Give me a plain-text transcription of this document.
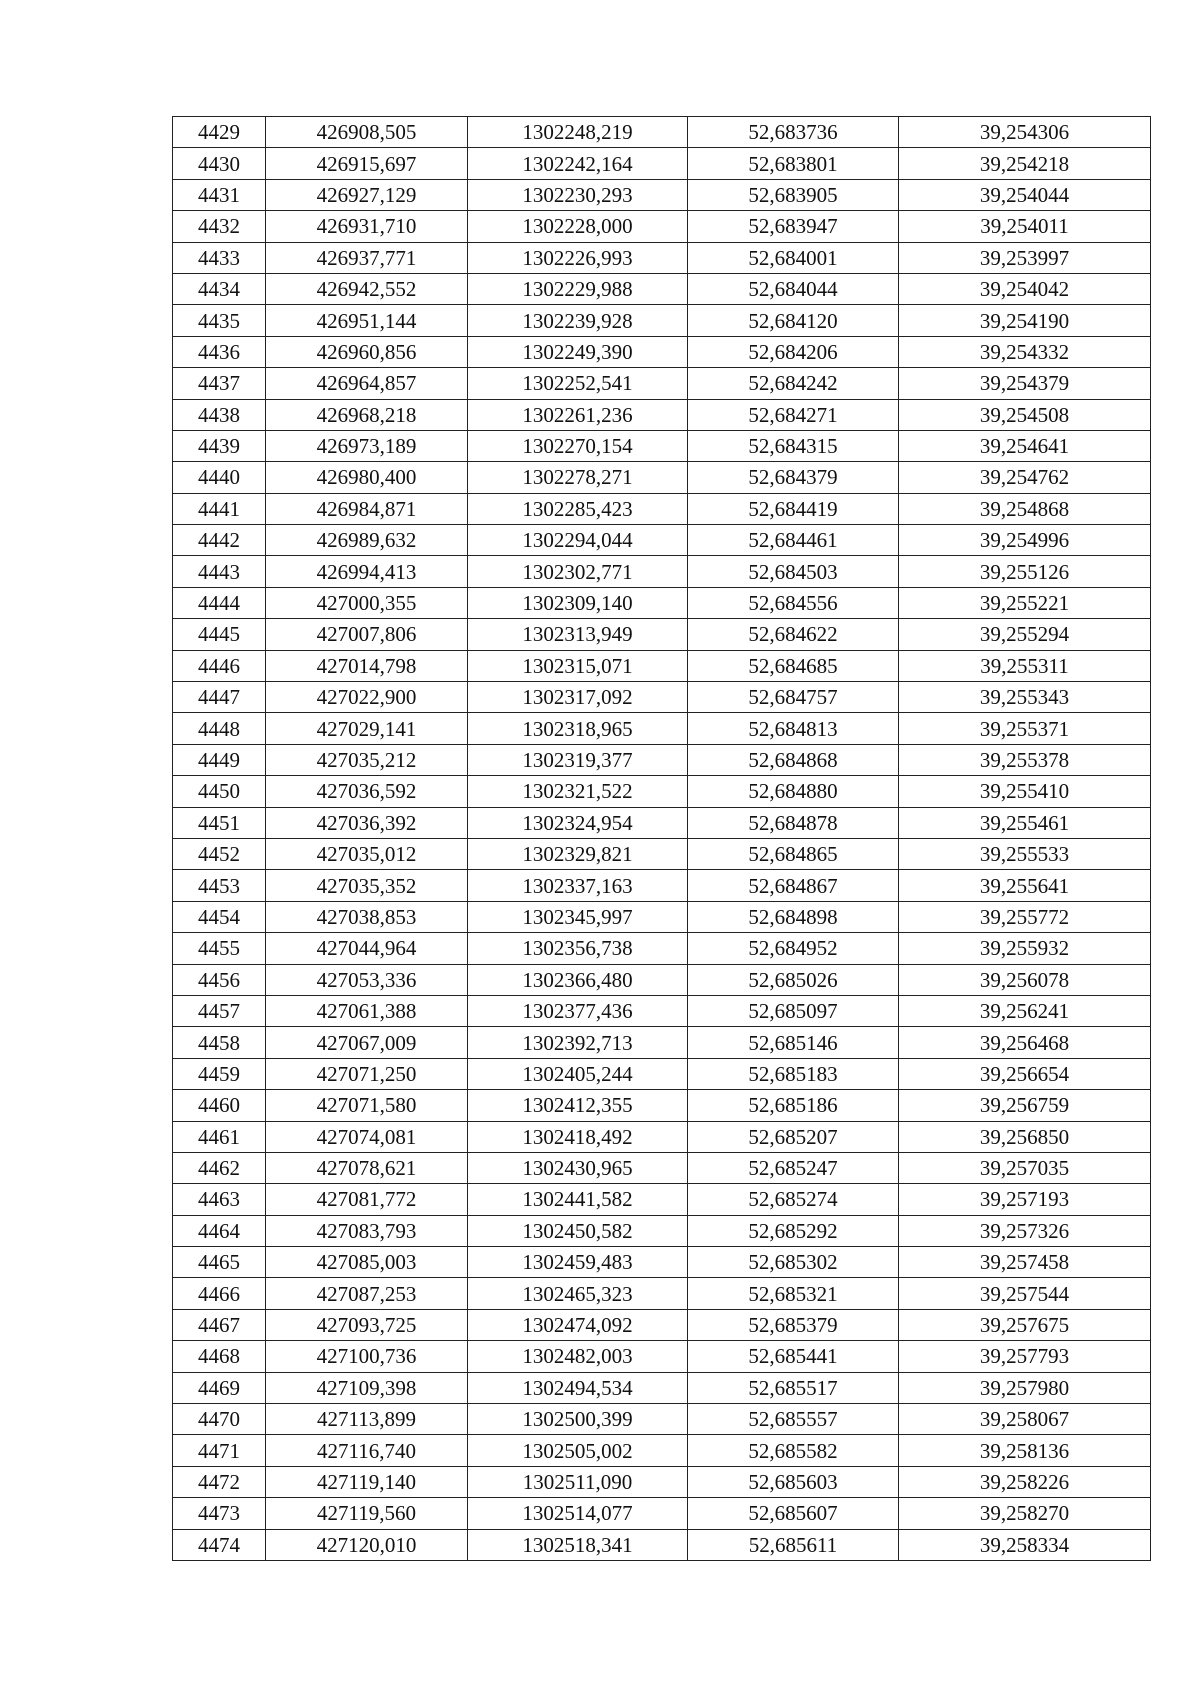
4429	426908,505	1302248,219	52,683736	39,254306
4430	426915,697	1302242,164	52,683801	39,254218
4431	426927,129	1302230,293	52,683905	39,254044
4432	426931,710	1302228,000	52,683947	39,254011
4433	426937,771	1302226,993	52,684001	39,253997
4434	426942,552	1302229,988	52,684044	39,254042
4435	426951,144	1302239,928	52,684120	39,254190
4436	426960,856	1302249,390	52,684206	39,254332
4437	426964,857	1302252,541	52,684242	39,254379
4438	426968,218	1302261,236	52,684271	39,254508
4439	426973,189	1302270,154	52,684315	39,254641
4440	426980,400	1302278,271	52,684379	39,254762
4441	426984,871	1302285,423	52,684419	39,254868
4442	426989,632	1302294,044	52,684461	39,254996
4443	426994,413	1302302,771	52,684503	39,255126
4444	427000,355	1302309,140	52,684556	39,255221
4445	427007,806	1302313,949	52,684622	39,255294
4446	427014,798	1302315,071	52,684685	39,255311
4447	427022,900	1302317,092	52,684757	39,255343
4448	427029,141	1302318,965	52,684813	39,255371
4449	427035,212	1302319,377	52,684868	39,255378
4450	427036,592	1302321,522	52,684880	39,255410
4451	427036,392	1302324,954	52,684878	39,255461
4452	427035,012	1302329,821	52,684865	39,255533
4453	427035,352	1302337,163	52,684867	39,255641
4454	427038,853	1302345,997	52,684898	39,255772
4455	427044,964	1302356,738	52,684952	39,255932
4456	427053,336	1302366,480	52,685026	39,256078
4457	427061,388	1302377,436	52,685097	39,256241
4458	427067,009	1302392,713	52,685146	39,256468
4459	427071,250	1302405,244	52,685183	39,256654
4460	427071,580	1302412,355	52,685186	39,256759
4461	427074,081	1302418,492	52,685207	39,256850
4462	427078,621	1302430,965	52,685247	39,257035
4463	427081,772	1302441,582	52,685274	39,257193
4464	427083,793	1302450,582	52,685292	39,257326
4465	427085,003	1302459,483	52,685302	39,257458
4466	427087,253	1302465,323	52,685321	39,257544
4467	427093,725	1302474,092	52,685379	39,257675
4468	427100,736	1302482,003	52,685441	39,257793
4469	427109,398	1302494,534	52,685517	39,257980
4470	427113,899	1302500,399	52,685557	39,258067
4471	427116,740	1302505,002	52,685582	39,258136
4472	427119,140	1302511,090	52,685603	39,258226
4473	427119,560	1302514,077	52,685607	39,258270
4474	427120,010	1302518,341	52,685611	39,258334
